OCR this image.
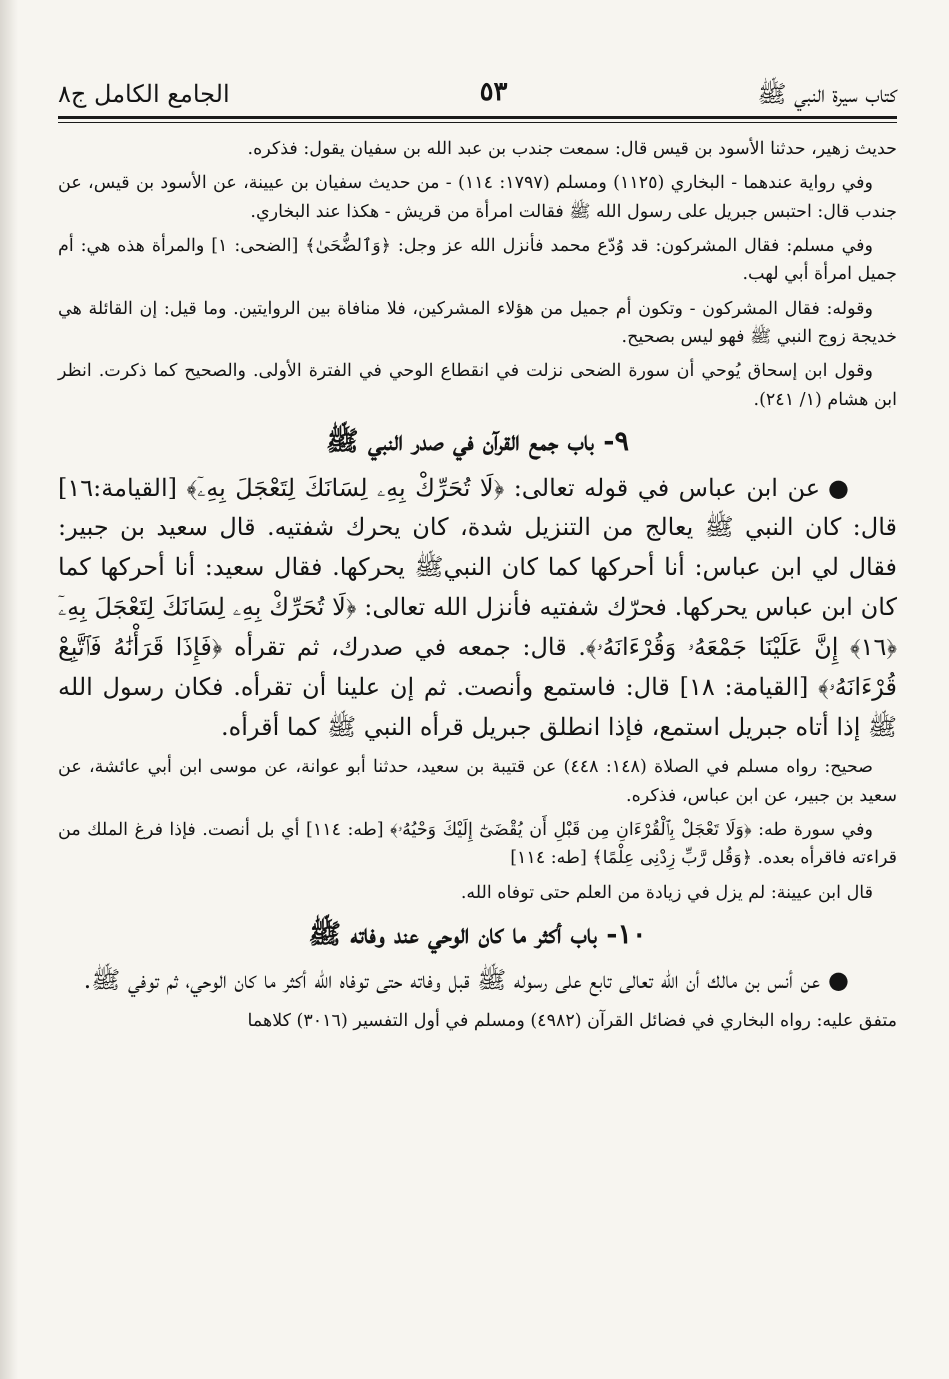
كتاب سيرة النبي ﷺ
٥٣
الجامع الكامل ج٨

حديث زهير، حدثنا الأسود بن قيس قال: سمعت جندب بن عبد الله بن سفيان يقول: فذكره.

وفي رواية عندهما - البخاري (١١٢٥) ومسلم (١٧٩٧: ١١٤) - من حديث سفيان بن عيينة، عن الأسود بن قيس، عن جندب قال: احتبس جبريل على رسول الله ﷺ فقالت امرأة من قريش - هكذا عند البخاري.

وفي مسلم: فقال المشركون: قد وُدّع محمد فأنزل الله عز وجل: ﴿وَٱلضُّحَىٰ﴾ [الضحى: ١] والمرأة هذه هي: أم جميل امرأة أبي لهب.

وقوله: فقال المشركون - وتكون أم جميل من هؤلاء المشركين، فلا منافاة بين الروايتين. وما قيل: إن القائلة هي خديجة زوج النبي ﷺ فهو ليس بصحيح.

وقول ابن إسحاق يُوحي أن سورة الضحى نزلت في انقطاع الوحي في الفترة الأولى. والصحيح كما ذكرت. انظر ابن هشام (١/ ٢٤١).

٩- باب جمع القرآن في صدر النبي ﷺ

●عن ابن عباس في قوله تعالى: ﴿لَا تُحَرِّكْ بِهِۦ لِسَانَكَ لِتَعْجَلَ بِهِۦٓ﴾ [القيامة:١٦] قال: كان النبي ﷺ يعالج من التنزيل شدة، كان يحرك شفتيه. قال سعيد بن جبير: فقال لي ابن عباس: أنا أحركها كما كان النبيﷺ يحركها. فقال سعيد: أنا أحركها كما كان ابن عباس يحركها. فحرّك شفتيه فأنزل الله تعالى: ﴿لَا تُحَرِّكْ بِهِۦ لِسَانَكَ لِتَعْجَلَ بِهِۦٓ ﴿١٦﴾ إِنَّ عَلَيْنَا جَمْعَهُۥ وَقُرْءَانَهُۥ﴾. قال: جمعه في صدرك، ثم تقرأه ﴿فَإِذَا قَرَأْنَٰهُ فَٱتَّبِعْ قُرْءَانَهُۥ﴾ [القيامة: ١٨] قال: فاستمع وأنصت. ثم إن علينا أن تقرأه. فكان رسول الله ﷺ إذا أتاه جبريل استمع، فإذا انطلق جبريل قرأه النبي ﷺ كما أقرأه.

صحيح: رواه مسلم في الصلاة (١٤٨: ٤٤٨) عن قتيبة بن سعيد، حدثنا أبو عوانة، عن موسى ابن أبي عائشة، عن سعيد بن جبير، عن ابن عباس، فذكره.

وفي سورة طه: ﴿وَلَا تَعْجَلْ بِٱلْقُرْءَانِ مِن قَبْلِ أَن يُقْضَىٰٓ إِلَيْكَ وَحْيُهُۥ﴾ [طه: ١١٤] أي بل أنصت. فإذا فرغ الملك من قراءته فاقرأه بعده. ﴿وَقُل رَّبِّ زِدْنِى عِلْمًا﴾ [طه: ١١٤]

قال ابن عيينة: لم يزل في زيادة من العلم حتى توفاه الله.

١٠- باب أكثر ما كان الوحي عند وفاته ﷺ

●عن أنس بن مالك أن الله تعالى تابع على رسوله ﷺ قبل وفاته حتى توفاه الله أكثر ما كان الوحي، ثم توفي ﷺ.

متفق عليه: رواه البخاري في فضائل القرآن (٤٩٨٢) ومسلم في أول التفسير (٣٠١٦) كلاهما
